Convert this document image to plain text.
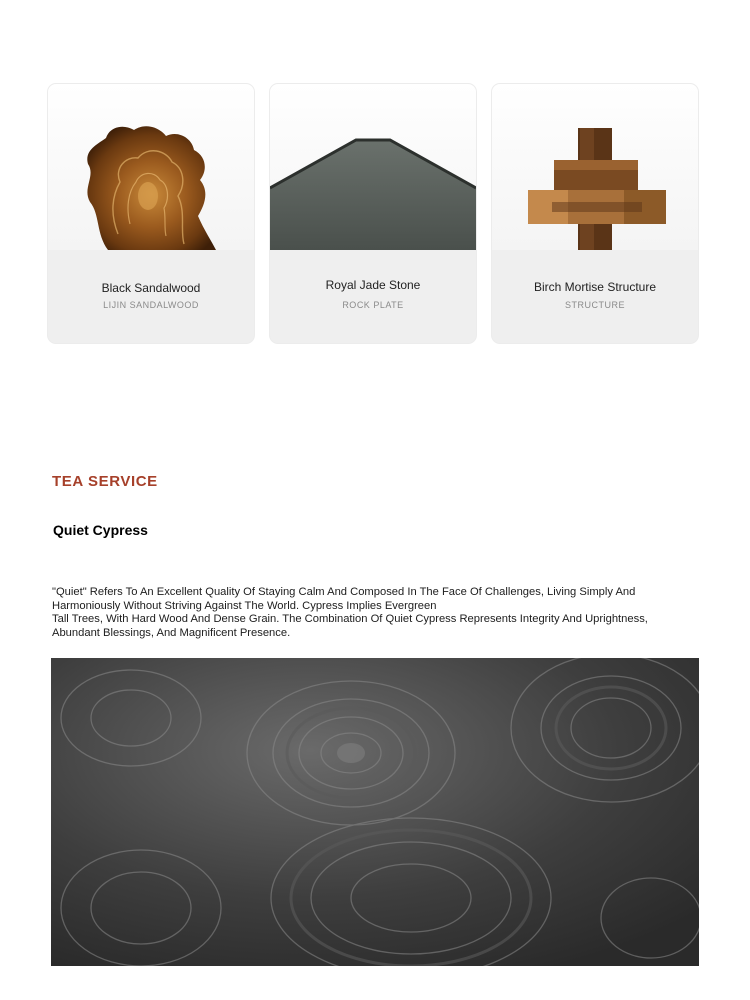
Black Sandalwood
LIJIN SANDALWOOD
Royal Jade Stone
ROCK PLATE
Birch Mortise Structure
STRUCTURE
TEA SERVICE
Quiet Cypress

"Quiet" Refers To An Excellent Quality Of Staying Calm And Composed In The Face Of Challenges, Living Simply And Harmoniously Without Striving Against The World. Cypress Implies Evergreen

Tall Trees, With Hard Wood And Dense Grain. The Combination Of Quiet Cypress Represents Integrity And Uprightness, Abundant Blessings, And Magnificent Presence.
